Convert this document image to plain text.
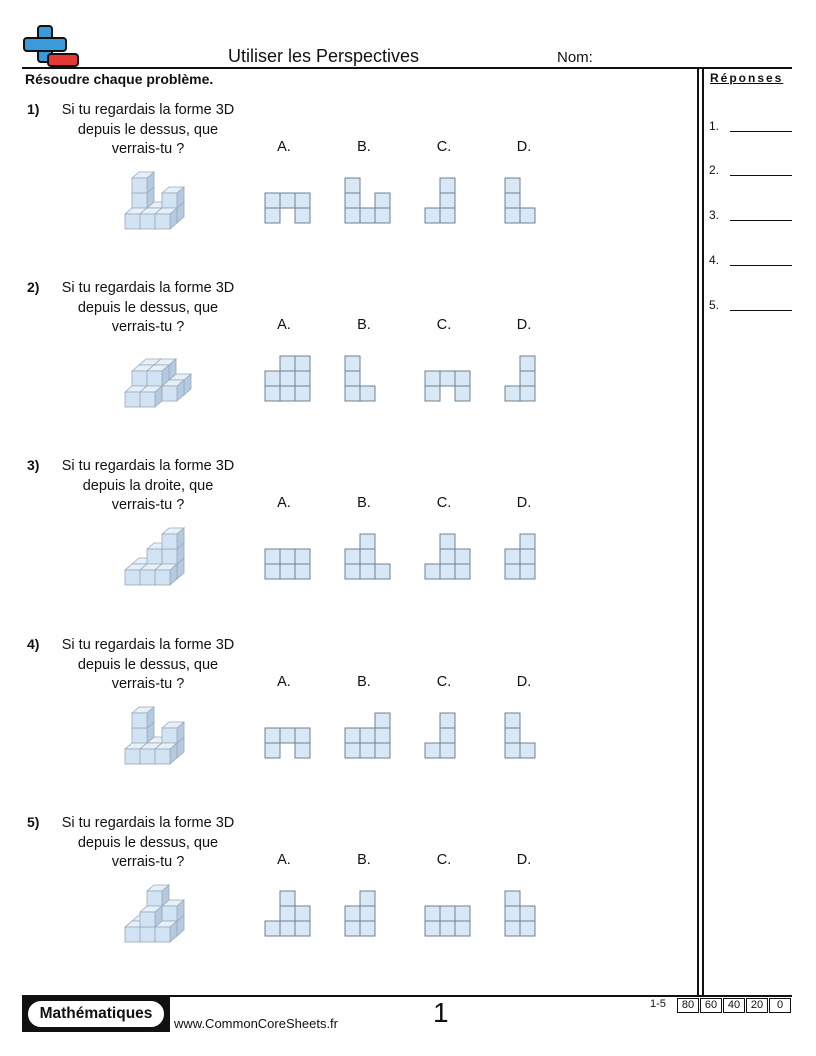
Utiliser les Perspectives	Nom:
Résoudre chaque problème.	Réponses
1.
2.
3.
4.
5.
1)	Si tu regardais la forme 3D
depuis le dessus, que
verrais-tu ?	A.	B.	C.	D.
2)	Si tu regardais la forme 3D
depuis le dessus, que
verrais-tu ?	A.	B.	C.	D.
3)	Si tu regardais la forme 3D
depuis la droite, que
verrais-tu ?	A.	B.	C.	D.
4)	Si tu regardais la forme 3D
depuis le dessus, que
verrais-tu ?	A.	B.	C.	D.
5)	Si tu regardais la forme 3D
depuis le dessus, que
verrais-tu ?	A.	B.	C.	D.
Mathématiques
www.CommonCoreSheets.fr	1	1-5	80 60 40 20	0
